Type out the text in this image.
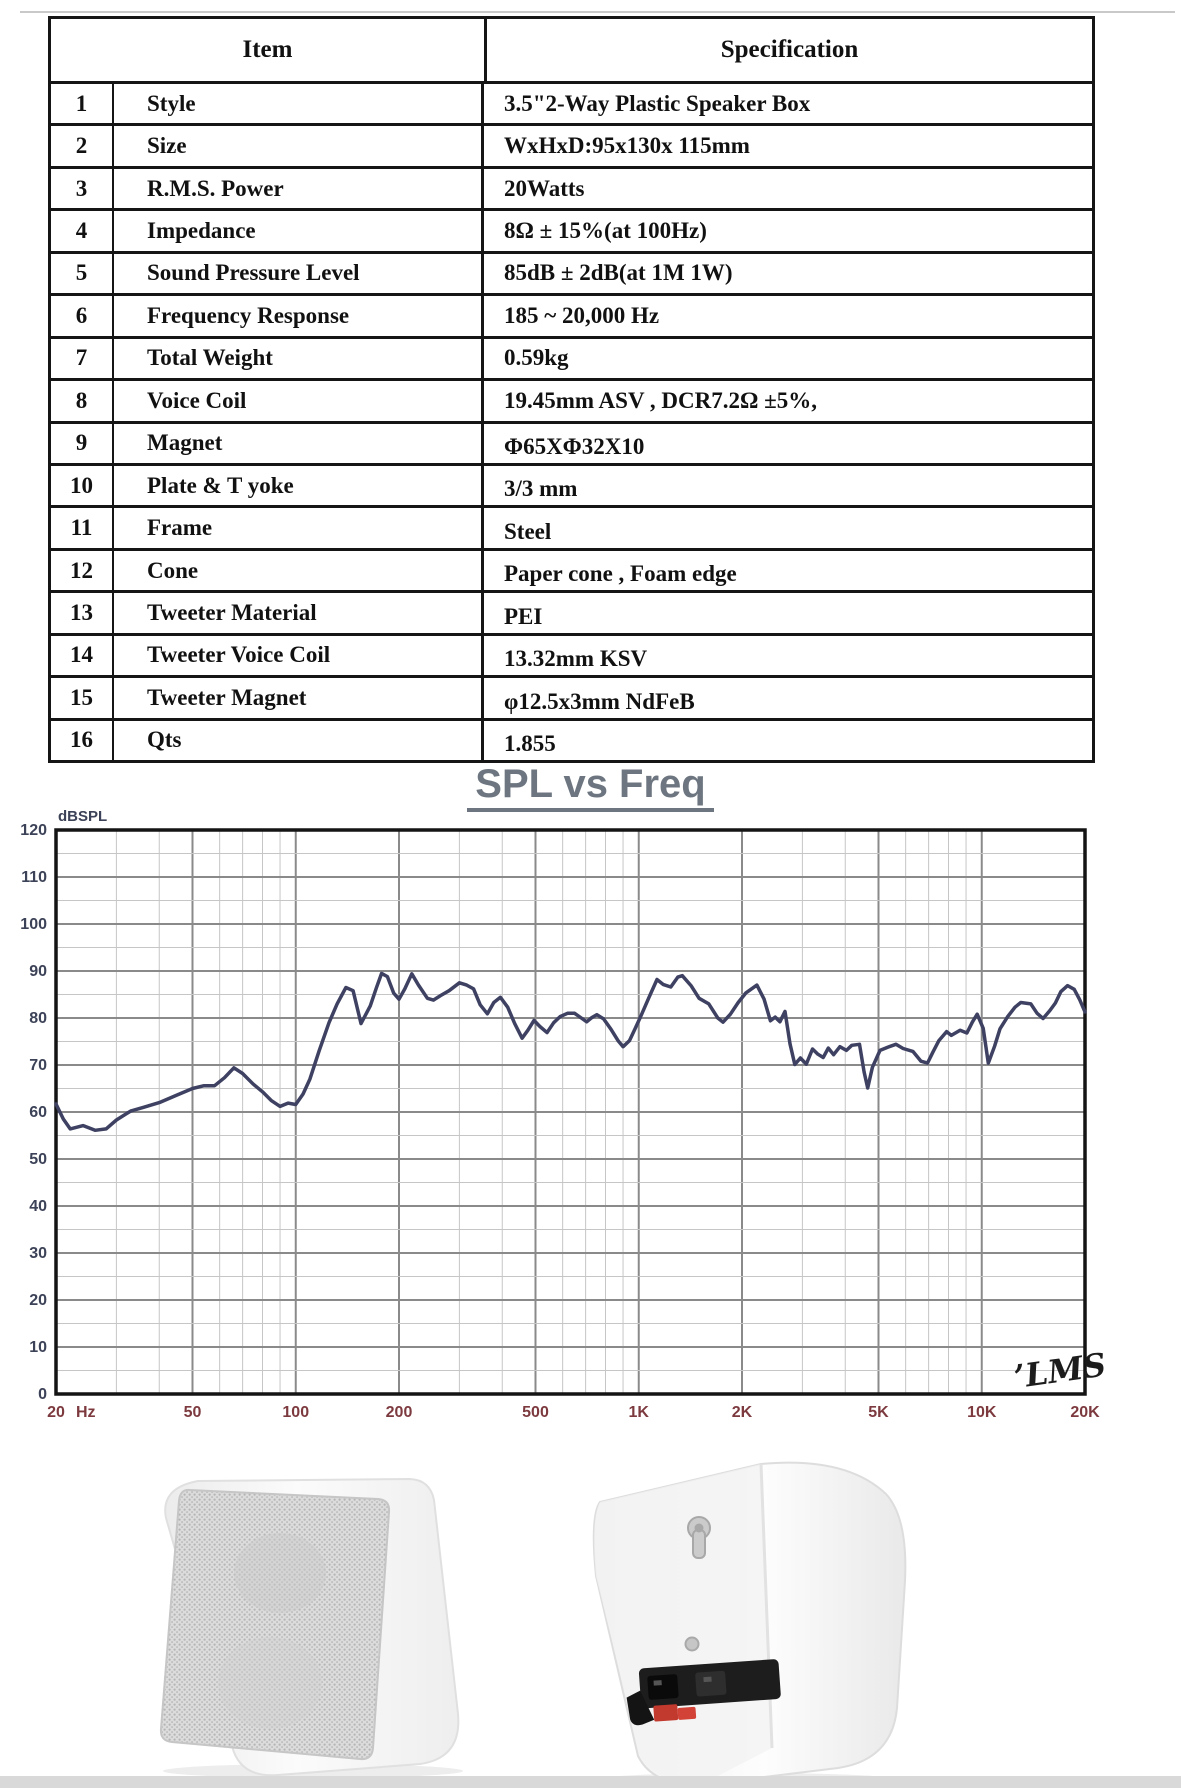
Item	Specification
1	Style	3.5"2-Way Plastic Speaker Box
2	Size	WxHxD:95x130x 115mm
3	R.M.S. Power	20Watts
4	Impedance	8Ω ± 15%(at 100Hz)
5	Sound Pressure Level	85dB ± 2dB(at 1M 1W)
6	Frequency Response	185 ~ 20,000 Hz
7	Total Weight	0.59kg
8	Voice Coil	19.45mm ASV , DCR7.2Ω ±5%,
9	Magnet	Φ65XΦ32X10
10	Plate & T yoke	3/3 mm
11	Frame	Steel
12	Cone	Paper cone , Foam edge
13	Tweeter Material	PEI
14	Tweeter Voice Coil	13.32mm KSV
15	Tweeter Magnet	φ12.5x3mm NdFeB
16	Qts	1.855
SPL vs Freq
0
10
20
30
40
50
60
70
80
90
100
110
120
dBSPL
20	50	100	200	500	1K	2K	5K	10K	20K
Hz
’LMS
